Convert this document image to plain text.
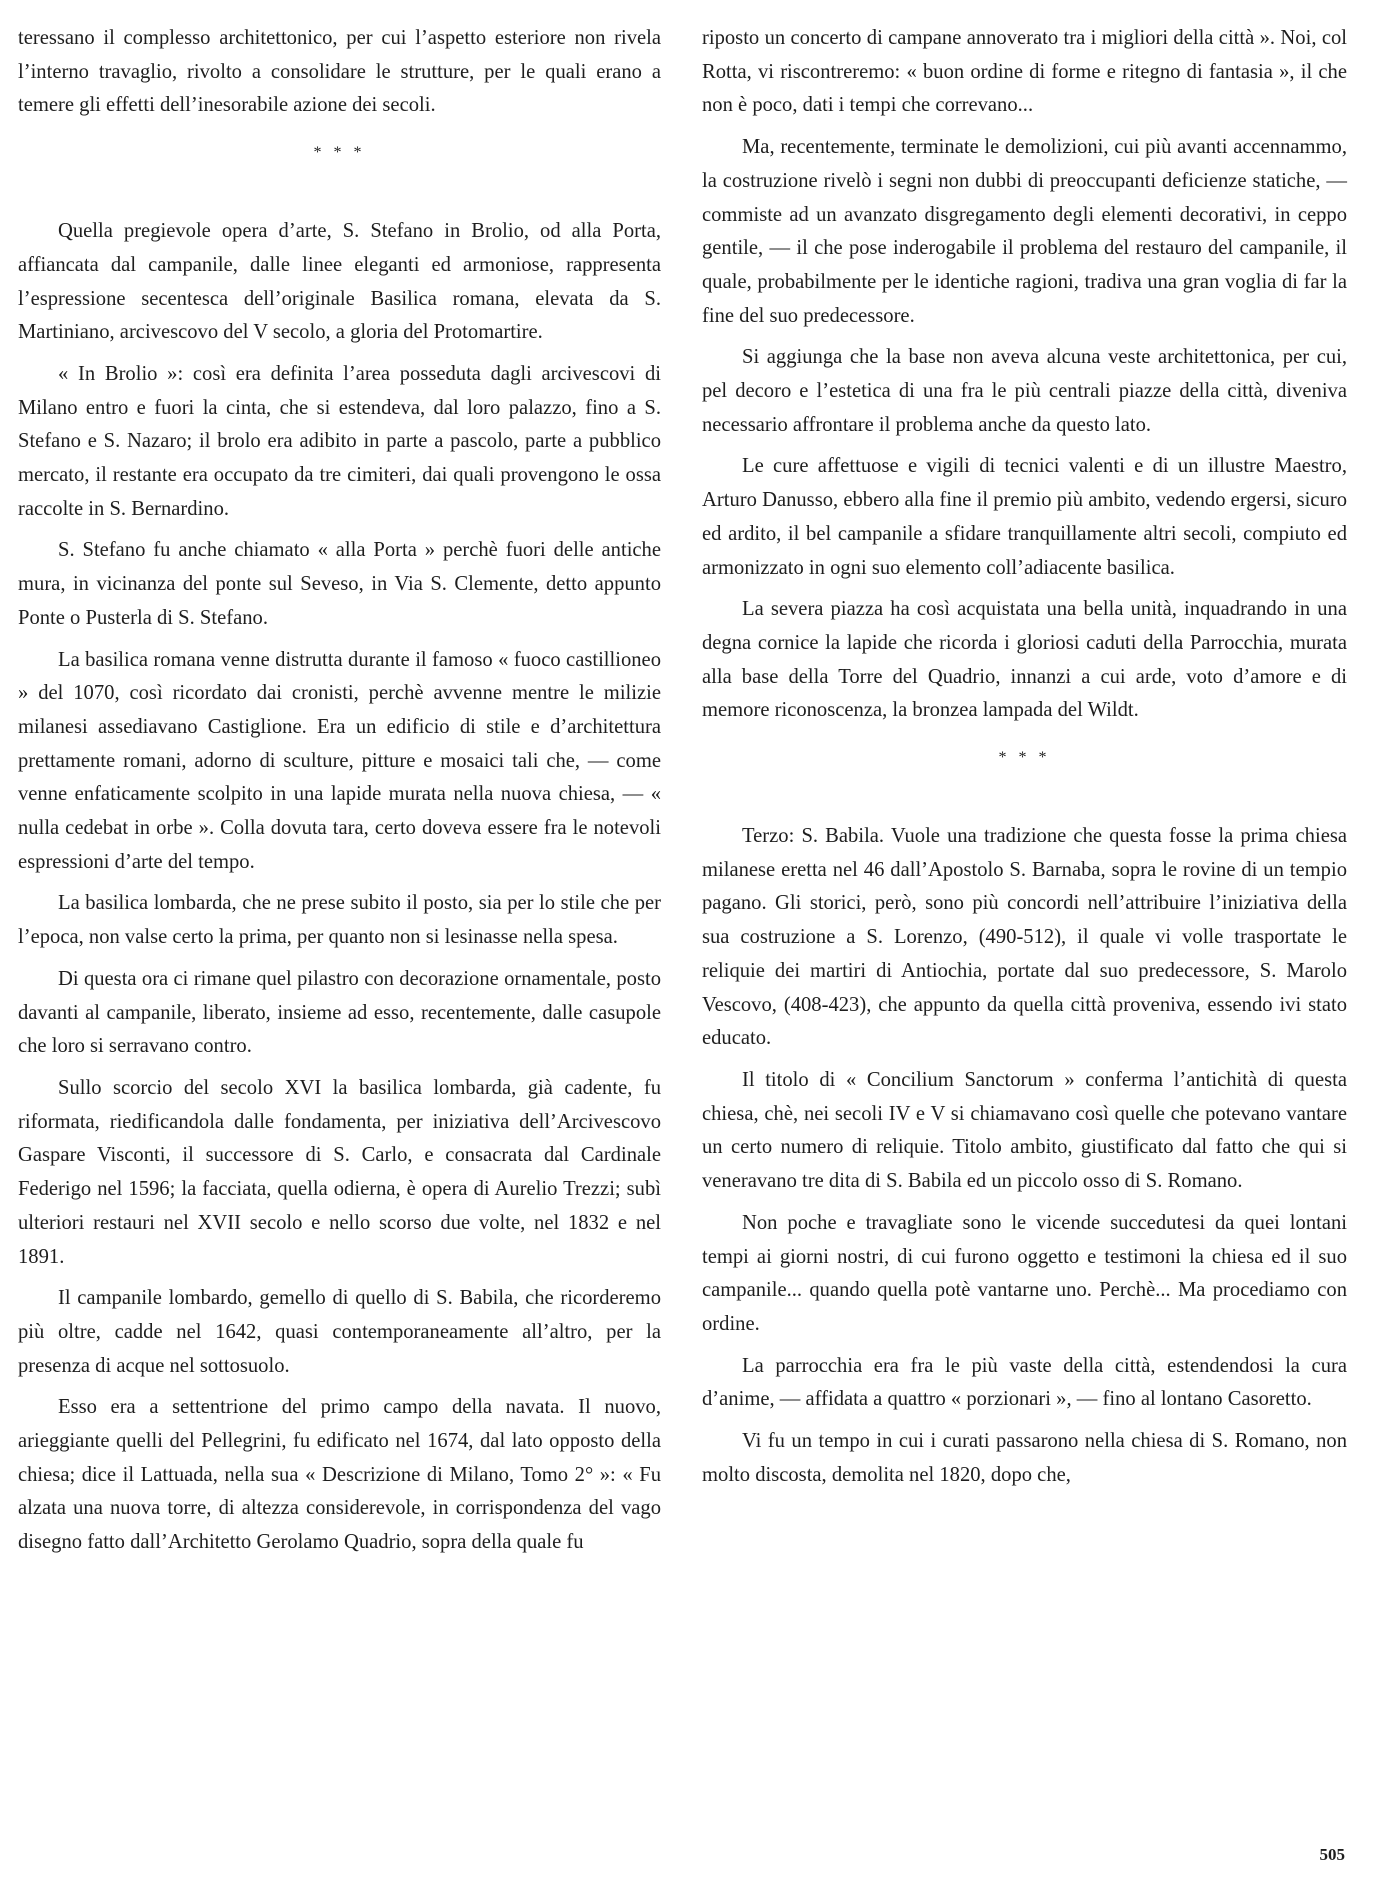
teressano il complesso architettonico, per cui l’aspetto esteriore non rivela l’interno travaglio, rivolto a consolidare le strutture, per le quali erano a temere gli effetti dell’inesorabile azione dei secoli.

* * *

Quella pregievole opera d’arte, S. Stefano in Brolio, od alla Porta, affiancata dal campanile, dalle linee eleganti ed armoniose, rappresenta l’espressione secentesca dell’originale Basilica romana, elevata da S. Martiniano, arcivescovo del V secolo, a gloria del Protomartire.

« In Brolio »: così era definita l’area posseduta dagli arcivescovi di Milano entro e fuori la cinta, che si estendeva, dal loro palazzo, fino a S. Stefano e S. Nazaro; il brolo era adibito in parte a pascolo, parte a pubblico mercato, il restante era occupato da tre cimiteri, dai quali provengono le ossa raccolte in S. Bernardino.

S. Stefano fu anche chiamato « alla Porta » perchè fuori delle antiche mura, in vicinanza del ponte sul Seveso, in Via S. Clemente, detto appunto Ponte o Pusterla di S. Stefano.

La basilica romana venne distrutta durante il famoso « fuoco castillioneo » del 1070, così ricordato dai cronisti, perchè avvenne mentre le milizie milanesi assediavano Castiglione. Era un edificio di stile e d’architettura prettamente romani, adorno di sculture, pitture e mosaici tali che, — come venne enfaticamente scolpito in una lapide murata nella nuova chiesa, — « nulla cedebat in orbe ». Colla dovuta tara, certo doveva essere fra le notevoli espressioni d’arte del tempo.

La basilica lombarda, che ne prese subito il posto, sia per lo stile che per l’epoca, non valse certo la prima, per quanto non si lesinasse nella spesa.

Di questa ora ci rimane quel pilastro con decorazione ornamentale, posto davanti al campanile, liberato, insieme ad esso, recentemente, dalle casupole che loro si serravano contro.

Sullo scorcio del secolo XVI la basilica lombarda, già cadente, fu riformata, riedificandola dalle fondamenta, per iniziativa dell’Arcivescovo Gaspare Visconti, il successore di S. Carlo, e consacrata dal Cardinale Federigo nel 1596; la facciata, quella odierna, è opera di Aurelio Trezzi; subì ulteriori restauri nel XVII secolo e nello scorso due volte, nel 1832 e nel 1891.

Il campanile lombardo, gemello di quello di S. Babila, che ricorderemo più oltre, cadde nel 1642, quasi contemporaneamente all’altro, per la presenza di acque nel sottosuolo.

Esso era a settentrione del primo campo della navata. Il nuovo, arieggiante quelli del Pellegrini, fu edificato nel 1674, dal lato opposto della chiesa; dice il Lattuada, nella sua « Descrizione di Milano, Tomo 2° »: « Fu alzata una nuova torre, di altezza considerevole, in corrispondenza del vago disegno fatto dall’Architetto Gerolamo Quadrio, sopra della quale fu

riposto un concerto di campane annoverato tra i migliori della città ». Noi, col Rotta, vi riscontreremo: « buon ordine di forme e ritegno di fantasia », il che non è poco, dati i tempi che correvano...

Ma, recentemente, terminate le demolizioni, cui più avanti accennammo, la costruzione rivelò i segni non dubbi di preoccupanti deficienze statiche, — commiste ad un avanzato disgregamento degli elementi decorativi, in ceppo gentile, — il che pose inderogabile il problema del restauro del campanile, il quale, probabilmente per le identiche ragioni, tradiva una gran voglia di far la fine del suo predecessore.

Si aggiunga che la base non aveva alcuna veste architettonica, per cui, pel decoro e l’estetica di una fra le più centrali piazze della città, diveniva necessario affrontare il problema anche da questo lato.

Le cure affettuose e vigili di tecnici valenti e di un illustre Maestro, Arturo Danusso, ebbero alla fine il premio più ambito, vedendo ergersi, sicuro ed ardito, il bel campanile a sfidare tranquillamente altri secoli, compiuto ed armonizzato in ogni suo elemento coll’adiacente basilica.

La severa piazza ha così acquistata una bella unità, inquadrando in una degna cornice la lapide che ricorda i gloriosi caduti della Parrocchia, murata alla base della Torre del Quadrio, innanzi a cui arde, voto d’amore e di memore riconoscenza, la bronzea lampada del Wildt.

* * *

Terzo: S. Babila. Vuole una tradizione che questa fosse la prima chiesa milanese eretta nel 46 dall’Apostolo S. Barnaba, sopra le rovine di un tempio pagano. Gli storici, però, sono più concordi nell’attribuire l’iniziativa della sua costruzione a S. Lorenzo, (490-512), il quale vi volle trasportate le reliquie dei martiri di Antiochia, portate dal suo predecessore, S. Marolo Vescovo, (408-423), che appunto da quella città proveniva, essendo ivi stato educato.

Il titolo di « Concilium Sanctorum » conferma l’antichità di questa chiesa, chè, nei secoli IV e V si chiamavano così quelle che potevano vantare un certo numero di reliquie. Titolo ambito, giustificato dal fatto che qui si veneravano tre dita di S. Babila ed un piccolo osso di S. Romano.

Non poche e travagliate sono le vicende succedutesi da quei lontani tempi ai giorni nostri, di cui furono oggetto e testimoni la chiesa ed il suo campanile... quando quella potè vantarne uno. Perchè... Ma procediamo con ordine.

La parrocchia era fra le più vaste della città, estendendosi la cura d’anime, — affidata a quattro « porzionari », — fino al lontano Casoretto.

Vi fu un tempo in cui i curati passarono nella chiesa di S. Romano, non molto discosta, demolita nel 1820, dopo che,

505
